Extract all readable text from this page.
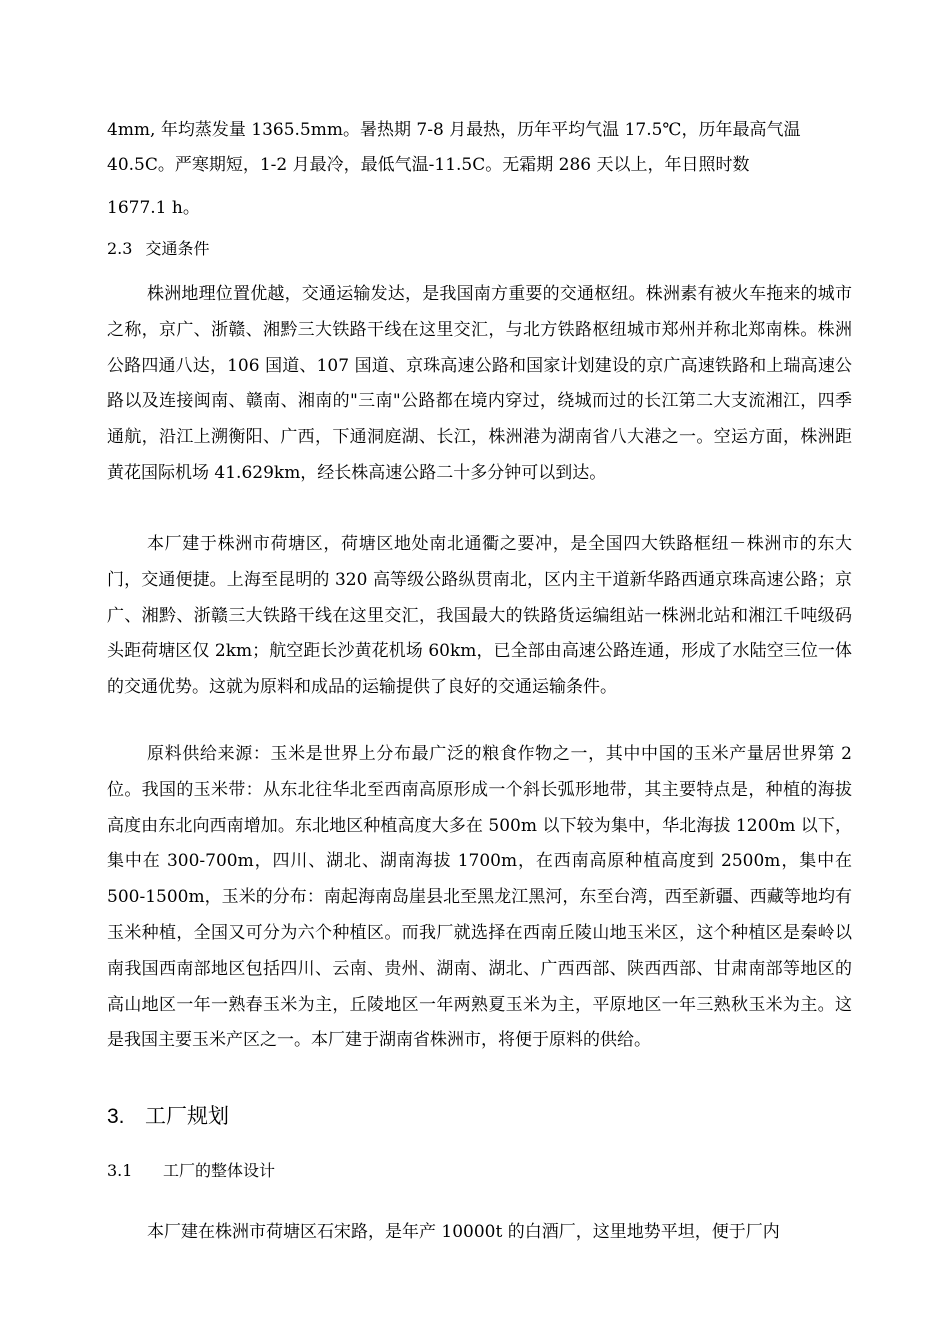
4mm, 年均蒸发量 1365.5mm。暑热期 7-8 月最热，历年平均气温 17.5℃，历年最高气温
40.5C。严寒期短，1-2 月最冷，最低气温-11.5C。无霜期 286 天以上，年日照时数
1677.1 h。
2.3 交通条件

株洲地理位置优越，交通运输发达，是我国南方重要的交通枢纽。株洲素有被火车拖来的城市之称，京广、浙赣、湘黔三大铁路干线在这里交汇，与北方铁路枢纽城市郑州并称北郑南株。株洲公路四通八达，106 国道、107 国道、京珠高速公路和国家计划建设的京广高速铁路和上瑞高速公路以及连接闽南、赣南、湘南的"三南"公路都在境内穿过，绕城而过的长江第二大支流湘江，四季通航，沿江上溯衡阳、广西，下通洞庭湖、长江，株洲港为湖南省八大港之一。空运方面，株洲距黄花国际机场 41.629km，经长株高速公路二十多分钟可以到达。

本厂建于株洲市荷塘区，荷塘区地处南北通衢之要冲，是全国四大铁路框纽－株洲市的东大门，交通便捷。上海至昆明的 320 高等级公路纵贯南北，区内主干道新华路西通京珠高速公路；京广、湘黔、浙赣三大铁路干线在这里交汇，我国最大的铁路货运编组站一株洲北站和湘江千吨级码头距荷塘区仅 2km；航空距长沙黄花机场 60km，已全部由高速公路连通，形成了水陆空三位一体的交通优势。这就为原料和成品的运输提供了良好的交通运输条件。

原料供给来源：玉米是世界上分布最广泛的粮食作物之一，其中中国的玉米产量居世界第 2 位。我国的玉米带：从东北往华北至西南高原形成一个斜长弧形地带，其主要特点是，种植的海拔高度由东北向西南增加。东北地区种植高度大多在 500m 以下较为集中，华北海拔 1200m 以下，集中在 300-700m，四川、湖北、湖南海拔 1700m，在西南高原种植高度到 2500m，集中在 500-1500m，玉米的分布：南起海南岛崖县北至黑龙江黑河，东至台湾，西至新疆、西藏等地均有玉米种植，全国又可分为六个种植区。而我厂就选择在西南丘陵山地玉米区，这个种植区是秦岭以南我国西南部地区包括四川、云南、贵州、湖南、湖北、广西西部、陕西西部、甘肃南部等地区的高山地区一年一熟春玉米为主，丘陵地区一年两熟夏玉米为主，平原地区一年三熟秋玉米为主。这是我国主要玉米产区之一。本厂建于湖南省株洲市，将便于原料的供给。

3. 工厂规划
3.1 工厂的整体设计
本厂建在株洲市荷塘区石宋路，是年产 10000t 的白酒厂，这里地势平坦，便于厂内
